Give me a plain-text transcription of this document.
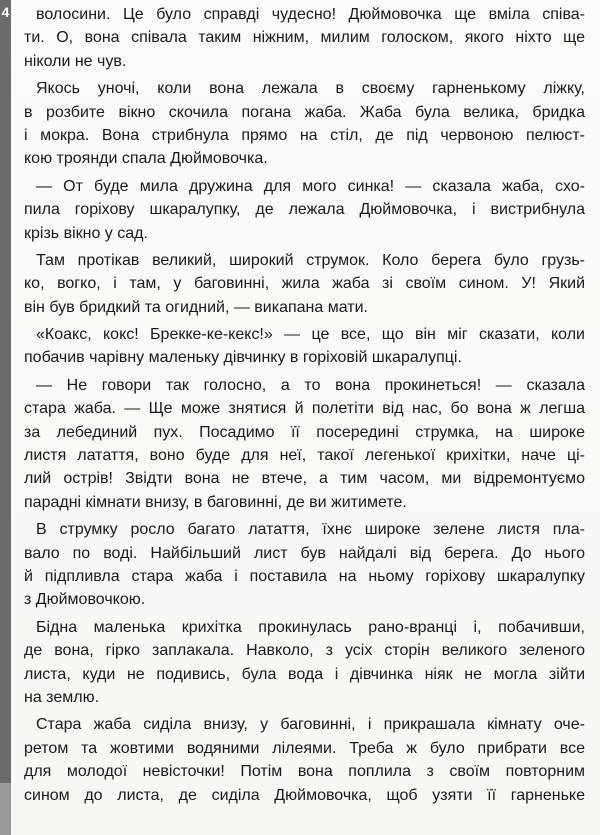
4	волосини. Це було справді чудесно! Дюймовочка ще вміла співа-
ти. О, вона співала таким ніжним, милим голоском, якого ніхто ще
ніколи не чув.
Якось уночі, коли вона лежала в своєму гарненькому ліжку,
в розбите вікно скочила погана жаба. Жаба була велика, бридка
і мокра. Вона стрибнула прямо на стіл, де під червоною пелюст-
кою троянди спала Дюймовочка.
— От буде мила дружина для мого синка! — сказала жаба, схо-
пила горіхову шкаралупку, де лежала Дюймовочка, і вистрибнула
крізь вікно у сад.
Там протікав великий, широкий струмок. Коло берега було грузь-
ко, вогко, і там, у баговинні, жила жаба зі своїм сином. У! Який
він був бридкий та огидний, — викапана мати.
«Коакс, кокс! Брекке-ке-кекс!» — це все, що він міг сказати, коли
побачив чарівну маленьку дівчинку в горіховій шкаралупці.
— Не говори так голосно, а то вона прокинеться! — сказала
стара жаба. — Ще може знятися й полетіти від нас, бо вона ж легша
за лебединий пух. Посадимо її посередині струмка, на широке
листя латаття, воно буде для неї, такої легенької крихітки, наче ці-
лий острів! Звідти вона не втече, а тим часом, ми відремонтуємо
парадні кімнати внизу, в баговинні, де ви житимете.
В струмку росло багато латаття, їхнє широке зелене листя пла-
вало по воді. Найбільший лист був найдалі від берега. До нього
й підпливла стара жаба і поставила на ньому горіхову шкаралупку
з Дюймовочкою.
Бідна маленька крихітка прокинулась рано-вранці і, побачивши,
де вона, гірко заплакала. Навколо, з усіх сторін великого зеленого
листа, куди не подивись, була вода і дівчинка ніяк не могла зійти
на землю.
Стара жаба сиділа внизу, у баговинні, і прикрашала кімнату оче-
ретом та жовтими водяними лілеями. Треба ж було прибрати все
для молодої невісточки! Потім вона поплила з своїм повторним
сином до листа, де сиділа Дюймовочка, щоб узяти її гарненьке
